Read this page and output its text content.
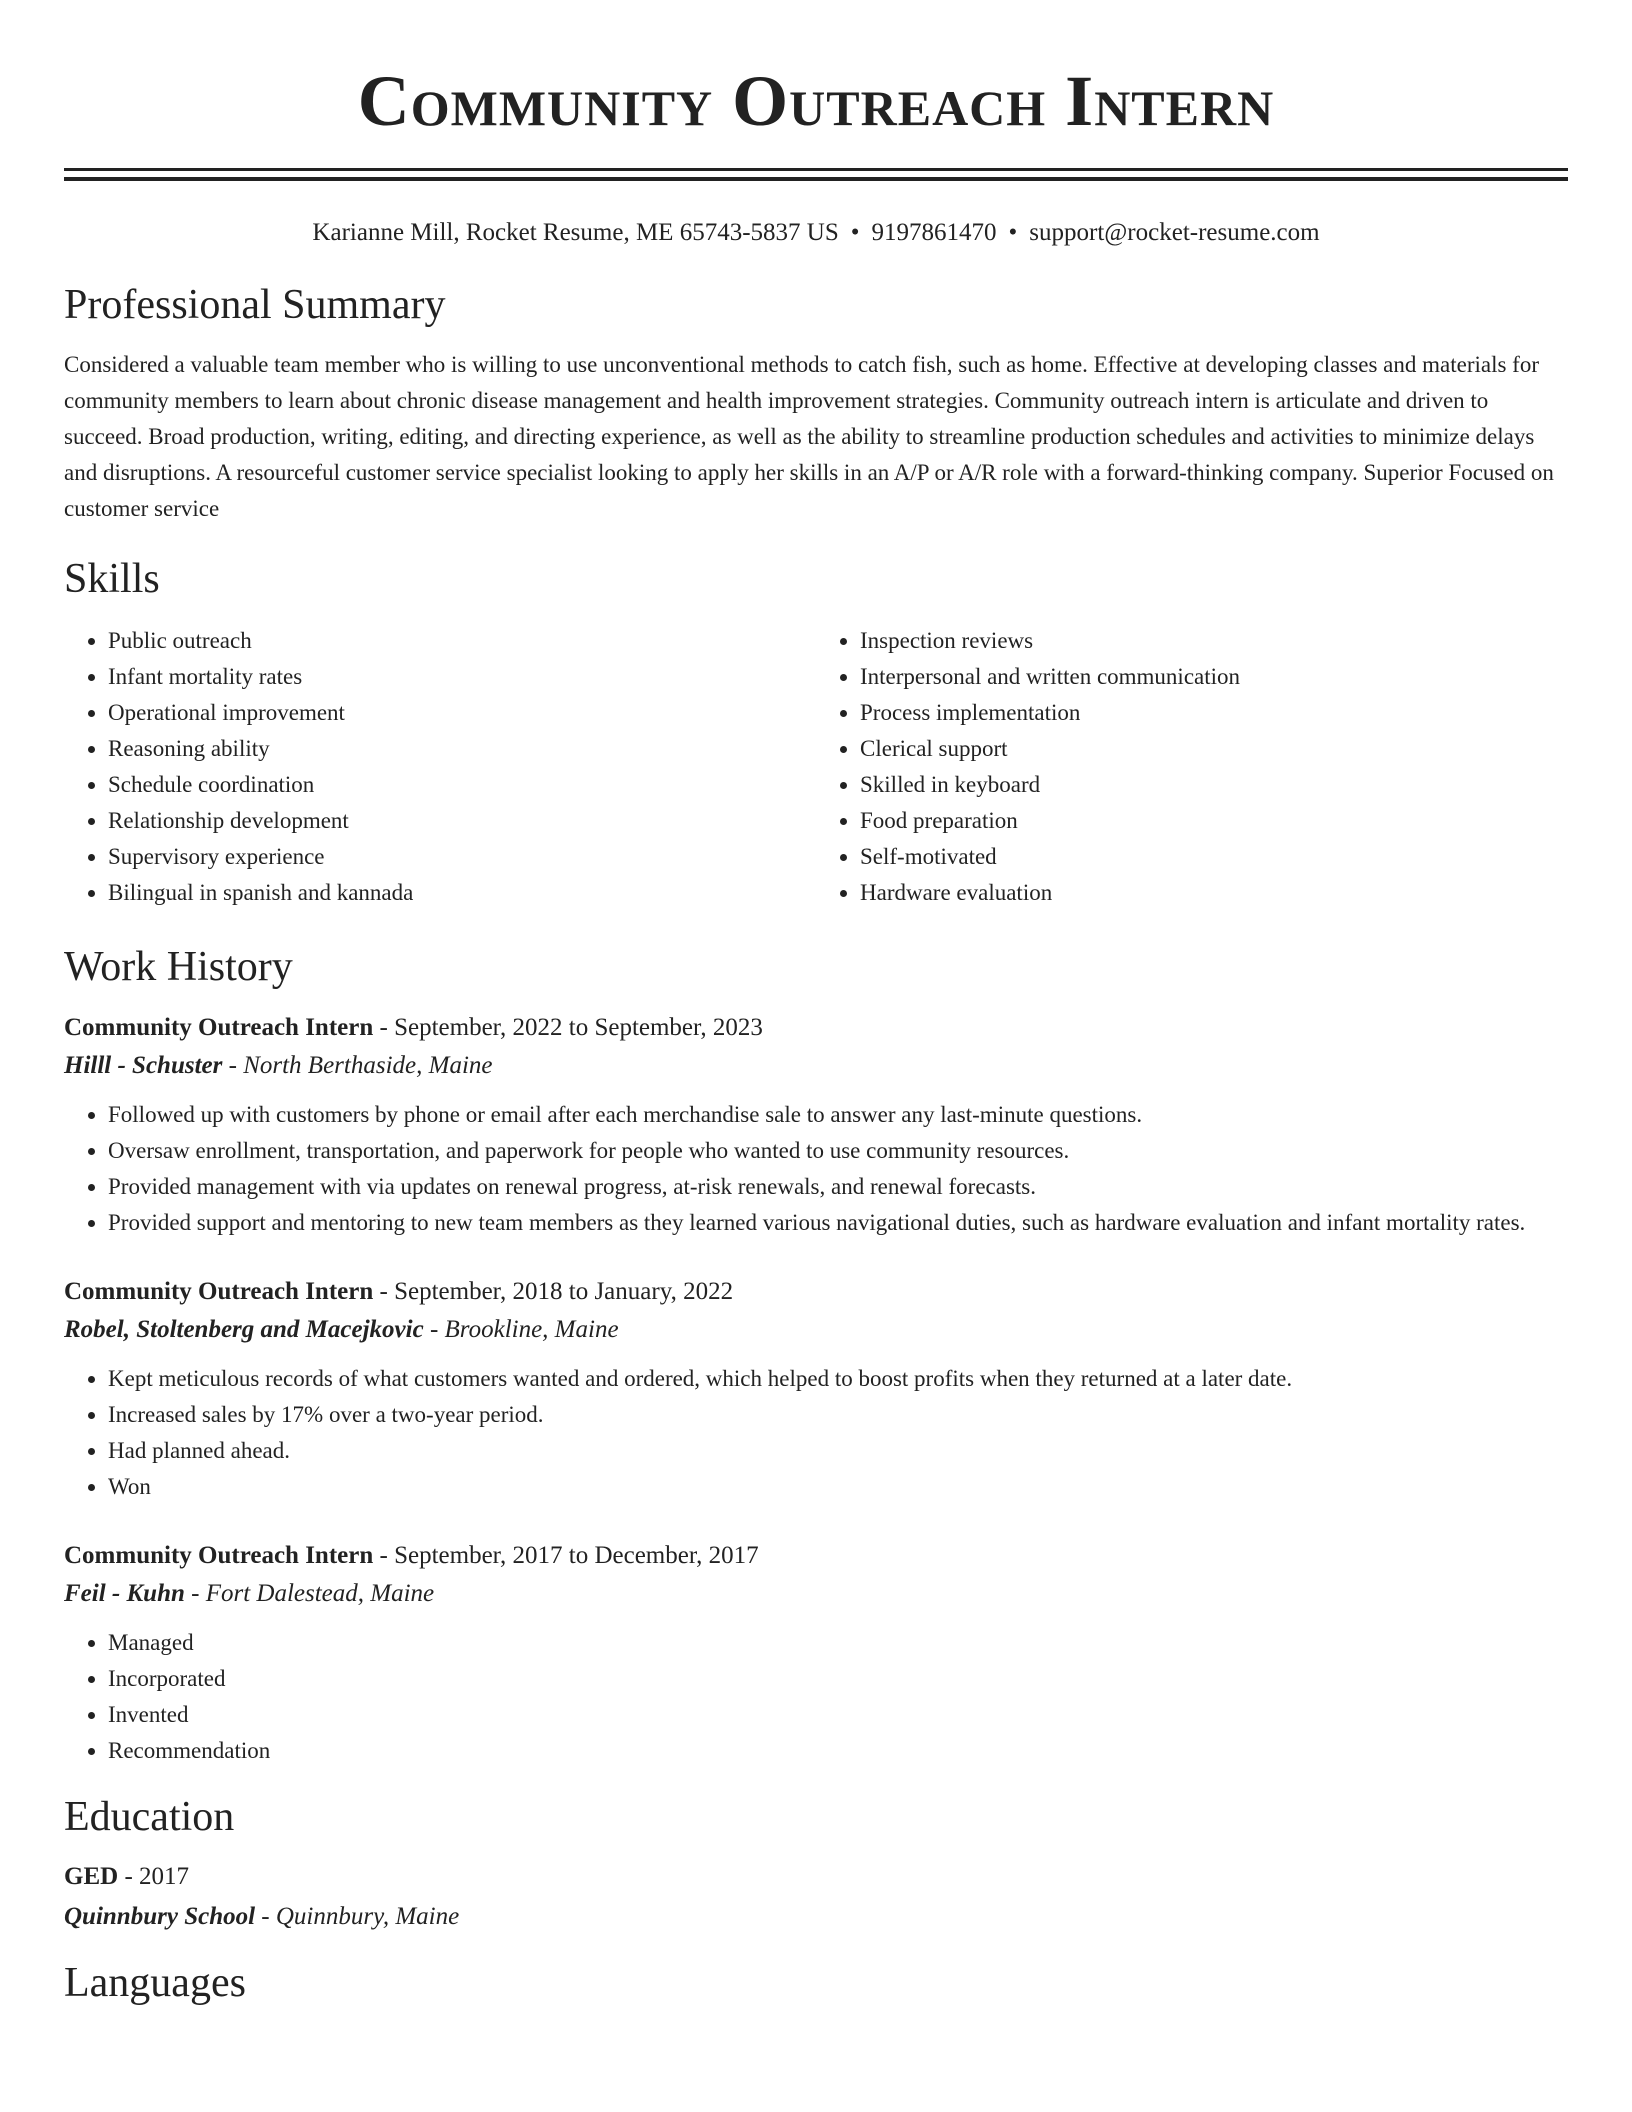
Community Outreach Intern
Karianne Mill, Rocket Resume, ME 65743-5837 US • 9197861470 • support@rocket-resume.com
Professional Summary

Considered a valuable team member who is willing to use unconventional methods to catch fish, such as home. Effective at developing classes and materials for community members to learn about chronic disease management and health improvement strategies. Community outreach intern is articulate and driven to succeed. Broad production, writing, editing, and directing experience, as well as the ability to streamline production schedules and activities to minimize delays and disruptions. A resourceful customer service specialist looking to apply her skills in an A/P or A/R role with a forward-thinking company. Superior Focused on customer service

Skills
• Public outreach
• Infant mortality rates
• Operational improvement
• Reasoning ability
• Schedule coordination
• Relationship development
• Supervisory experience
• Bilingual in spanish and kannada
• Inspection reviews
• Interpersonal and written communication
• Process implementation
• Clerical support
• Skilled in keyboard
• Food preparation
• Self-motivated
• Hardware evaluation
Work History
Community Outreach Intern - September, 2022 to September, 2023
Hilll - Schuster - North Berthaside, Maine
• Followed up with customers by phone or email after each merchandise sale to answer any last-minute questions.
• Oversaw enrollment, transportation, and paperwork for people who wanted to use community resources.
• Provided management with via updates on renewal progress, at-risk renewals, and renewal forecasts.
• Provided support and mentoring to new team members as they learned various navigational duties, such as hardware evaluation and infant mortality rates.
Community Outreach Intern - September, 2018 to January, 2022
Robel, Stoltenberg and Macejkovic - Brookline, Maine
• Kept meticulous records of what customers wanted and ordered, which helped to boost profits when they returned at a later date.
• Increased sales by 17% over a two-year period.
• Had planned ahead.
• Won
Community Outreach Intern - September, 2017 to December, 2017
Feil - Kuhn - Fort Dalestead, Maine
• Managed
• Incorporated
• Invented
• Recommendation
Education
GED - 2017
Quinnbury School - Quinnbury, Maine
Languages
